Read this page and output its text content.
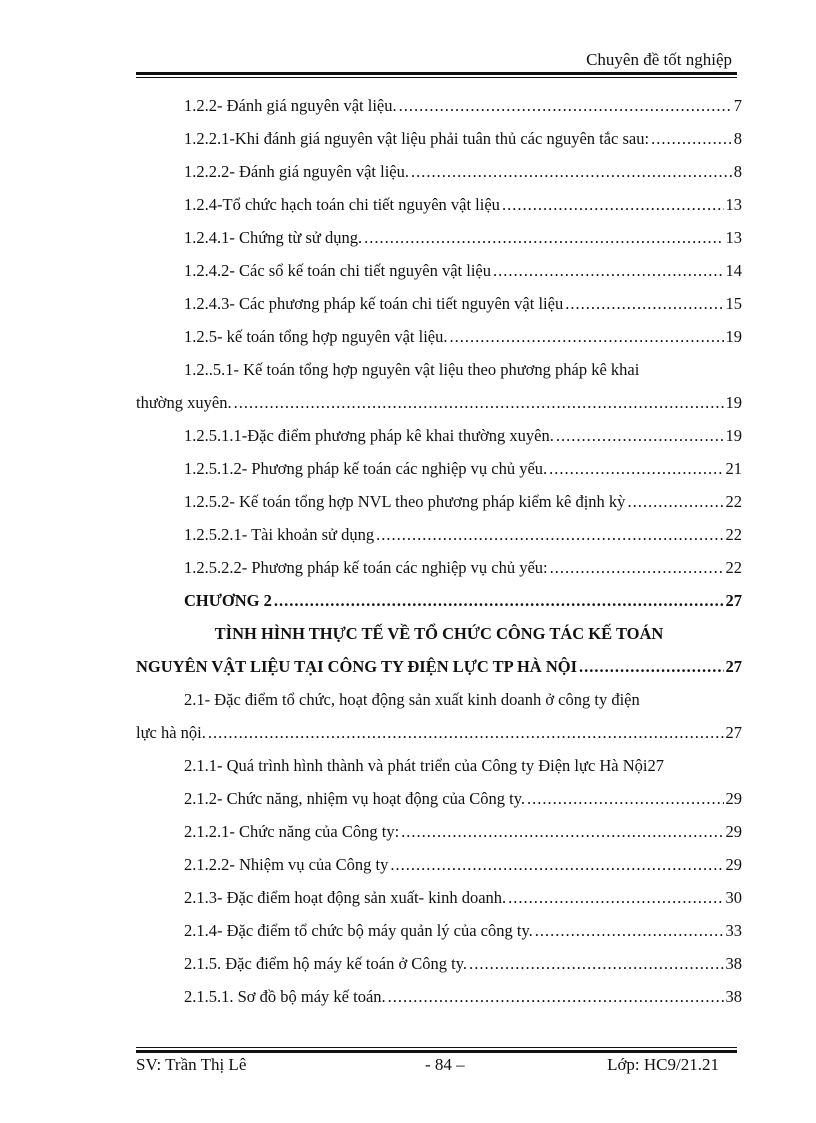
Chuyên đề tốt nghiệp
1.2.2- Đánh giá nguyên vật liệu. .....	7
1.2.2.1-Khi đánh giá nguyên vật liệu phải tuân thủ các nguyên tắc sau: .....	8
1.2.2.2- Đánh giá nguyên vật liệu. .....	8
1.2.4-Tổ chức hạch toán chi tiết nguyên vật liệu .....	13
1.2.4.1- Chứng từ sử dụng. .....	13
1.2.4.2- Các sổ kế toán chi tiết nguyên vật liệu .....	14
1.2.4.3- Các phương pháp kế toán chi tiết nguyên vật liệu .....	15
1.2.5- kế toán tổng hợp nguyên vật liệu. .....	19
1.2..5.1- Kế toán tổng hợp nguyên vật liệu theo phương pháp kê khai
thường xuyên. .....	19
1.2.5.1.1-Đặc điểm phương pháp kê khai thường xuyên. .....	19
1.2.5.1.2- Phương pháp kế toán các nghiệp vụ chủ yếu. .....	21
1.2.5.2- Kế toán tổng hợp NVL theo phương pháp kiểm kê định kỳ .....	22
1.2.5.2.1- Tài khoản sử dụng .....	22
1.2.5.2.2- Phương pháp kế toán các nghiệp vụ chủ yếu: .....	22
CHƯƠNG 2 .....	27
TÌNH HÌNH THỰC TẾ VỀ TỔ CHỨC CÔNG TÁC KẾ TOÁN
NGUYÊN VẬT LIỆU TẠI CÔNG TY ĐIỆN LỰC TP HÀ NỘI .....	27
2.1- Đặc điểm tổ chức, hoạt động sản xuất kinh doanh ở công ty điện
lực hà nội. .....	27
2.1.1- Quá trình hình thành và phát triển của Công ty Điện lực Hà Nội 27
2.1.2- Chức năng, nhiệm vụ hoạt động của Công ty. .....	29
2.1.2.1- Chức năng của Công ty: .....	29
2.1.2.2- Nhiệm vụ của Công ty .....	29
2.1.3- Đặc điểm hoạt động sản xuất- kinh doanh. .....	30
2.1.4- Đặc điểm tổ chức bộ máy quản lý của công ty. .....	33
2.1.5. Đặc điểm hộ máy kế toán ở Công ty. .....	38
2.1.5.1. Sơ đồ bộ máy kế toán. .....	38
SV: Trần Thị Lê	- 84 –	Lớp: HC9/21.21
